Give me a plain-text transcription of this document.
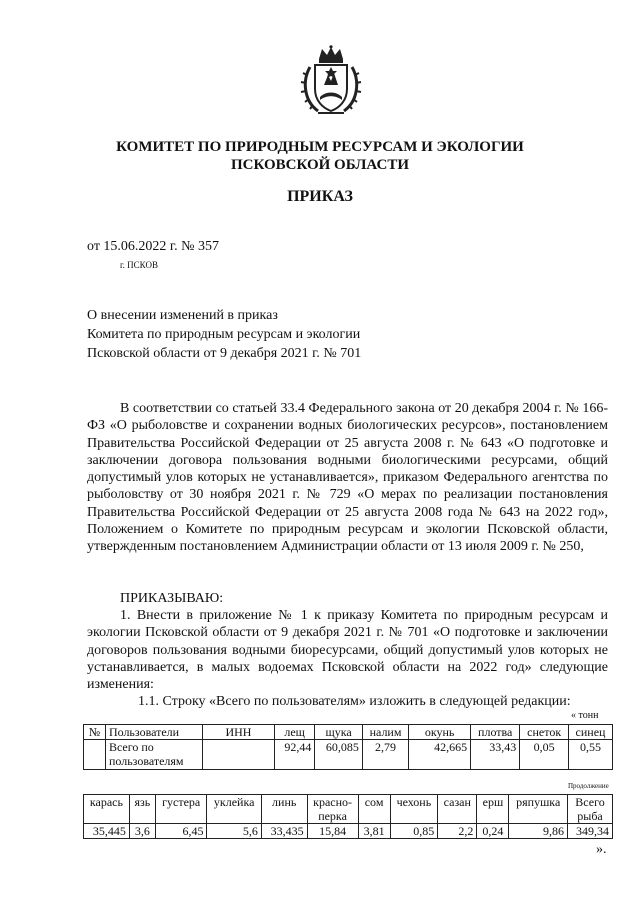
КОМИТЕТ ПО ПРИРОДНЫМ РЕСУРСАМ И ЭКОЛОГИИ
ПСКОВСКОЙ ОБЛАСТИ
ПРИКАЗ
от 15.06.2022 г. № 357
г. ПСКОВ
О внесении изменений в приказ
Комитета по природным ресурсам и экологии
Псковской области от 9 декабря 2021 г. № 701
В соответствии со статьей 33.4 Федерального закона от 20 декабря 2004 г. № 166-ФЗ «О рыболовстве и сохранении водных биологических ресурсов», постановлением Правительства Российской Федерации от 25 августа 2008 г. № 643 «О подготовке и заключении договора пользования водными биологическими ресурсами, общий допустимый улов которых не устанавливается», приказом Федерального агентства по рыболовству от 30 ноября 2021 г. № 729 «О мерах по реализации постановления Правительства Российской Федерации от 25 августа 2008 года № 643 на 2022 год», Положением о Комитете по природным ресурсам и экологии Псковской области, утвержденным постановлением Администрации области от 13 июля 2009 г. № 250,
ПРИКАЗЫВАЮ:
1. Внести в приложение № 1 к приказу Комитета по природным ресурсам и экологии Псковской области от 9 декабря 2021 г. № 701 «О подготовке и заключении договоров пользования водными биоресурсами, общий допустимый улов которых не устанавливается, в малых водоемах Псковской области на 2022 год» следующие изменения:
1.1. Строку «Всего по пользователям» изложить в следующей редакции:
« тонн
№	Пользователи	ИНН	лещ	щука	налим	окунь	плотва	снеток	синец
	Всего по пользователям		92,44	60,085	2,79	42,665	33,43	0,05	0,55
Продолжение
карась	язь	густера	уклейка	линь	красно-перка	сом	чехонь	сазан	ерш	ряпушка	Всего рыба
35,445	3,6	6,45	5,6	33,435	15,84	3,81	0,85	2,2	0,24	9,86	349,34
».
